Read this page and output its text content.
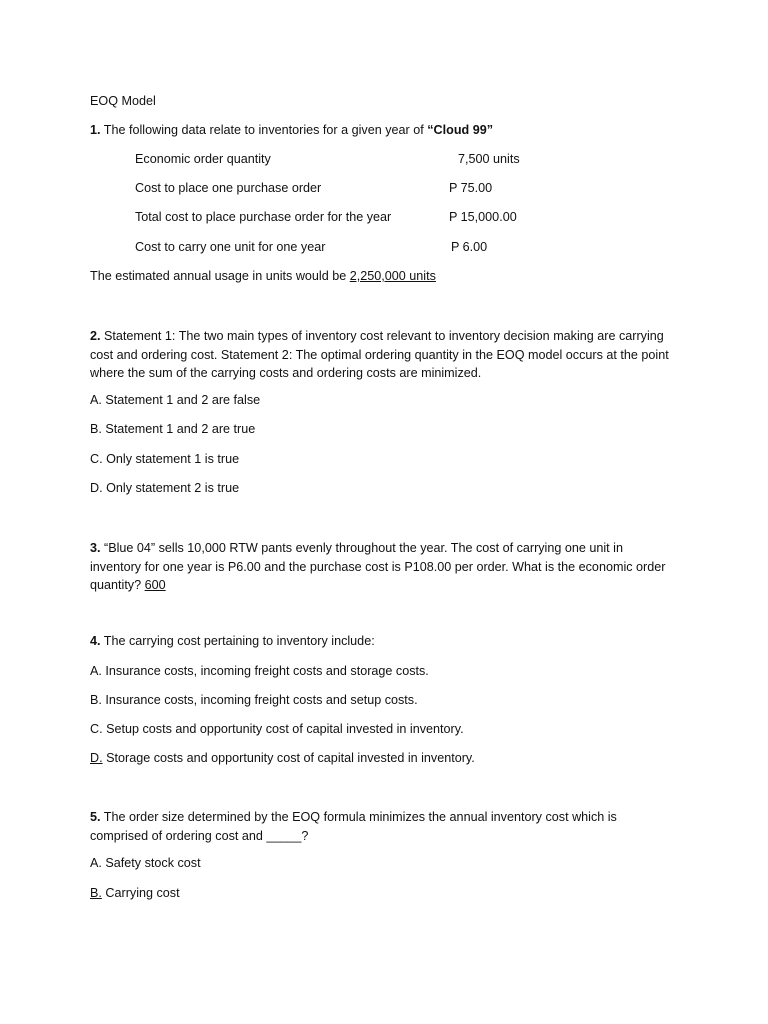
EOQ Model
1. The following data relate to inventories for a given year of “Cloud 99”
Economic order quantity	7,500 units
Cost to place one purchase order	P 75.00
Total cost to place purchase order for the year	P 15,000.00
Cost to carry one unit for one year	P 6.00
The estimated annual usage in units would be 2,250,000 units

2. Statement 1: The two main types of inventory cost relevant to inventory decision making are carrying

cost and ordering cost. Statement 2: The optimal ordering quantity in the EOQ model occurs at the point

where the sum of the carrying costs and ordering costs are minimized.

A. Statement 1 and 2 are false
B. Statement 1 and 2 are true
C. Only statement 1 is true
D. Only statement 2 is true

3. “Blue 04” sells 10,000 RTW pants evenly throughout the year. The cost of carrying one unit in

inventory for one year is P6.00 and the purchase cost is P108.00 per order. What is the economic order

quantity? 600

4. The carrying cost pertaining to inventory include:
A. Insurance costs, incoming freight costs and storage costs.
B. Insurance costs, incoming freight costs and setup costs.
C. Setup costs and opportunity cost of capital invested in inventory.
D. Storage costs and opportunity cost of capital invested in inventory.

5. The order size determined by the EOQ formula minimizes the annual inventory cost which is

comprised of ordering cost and _____?

A. Safety stock cost
B. Carrying cost
